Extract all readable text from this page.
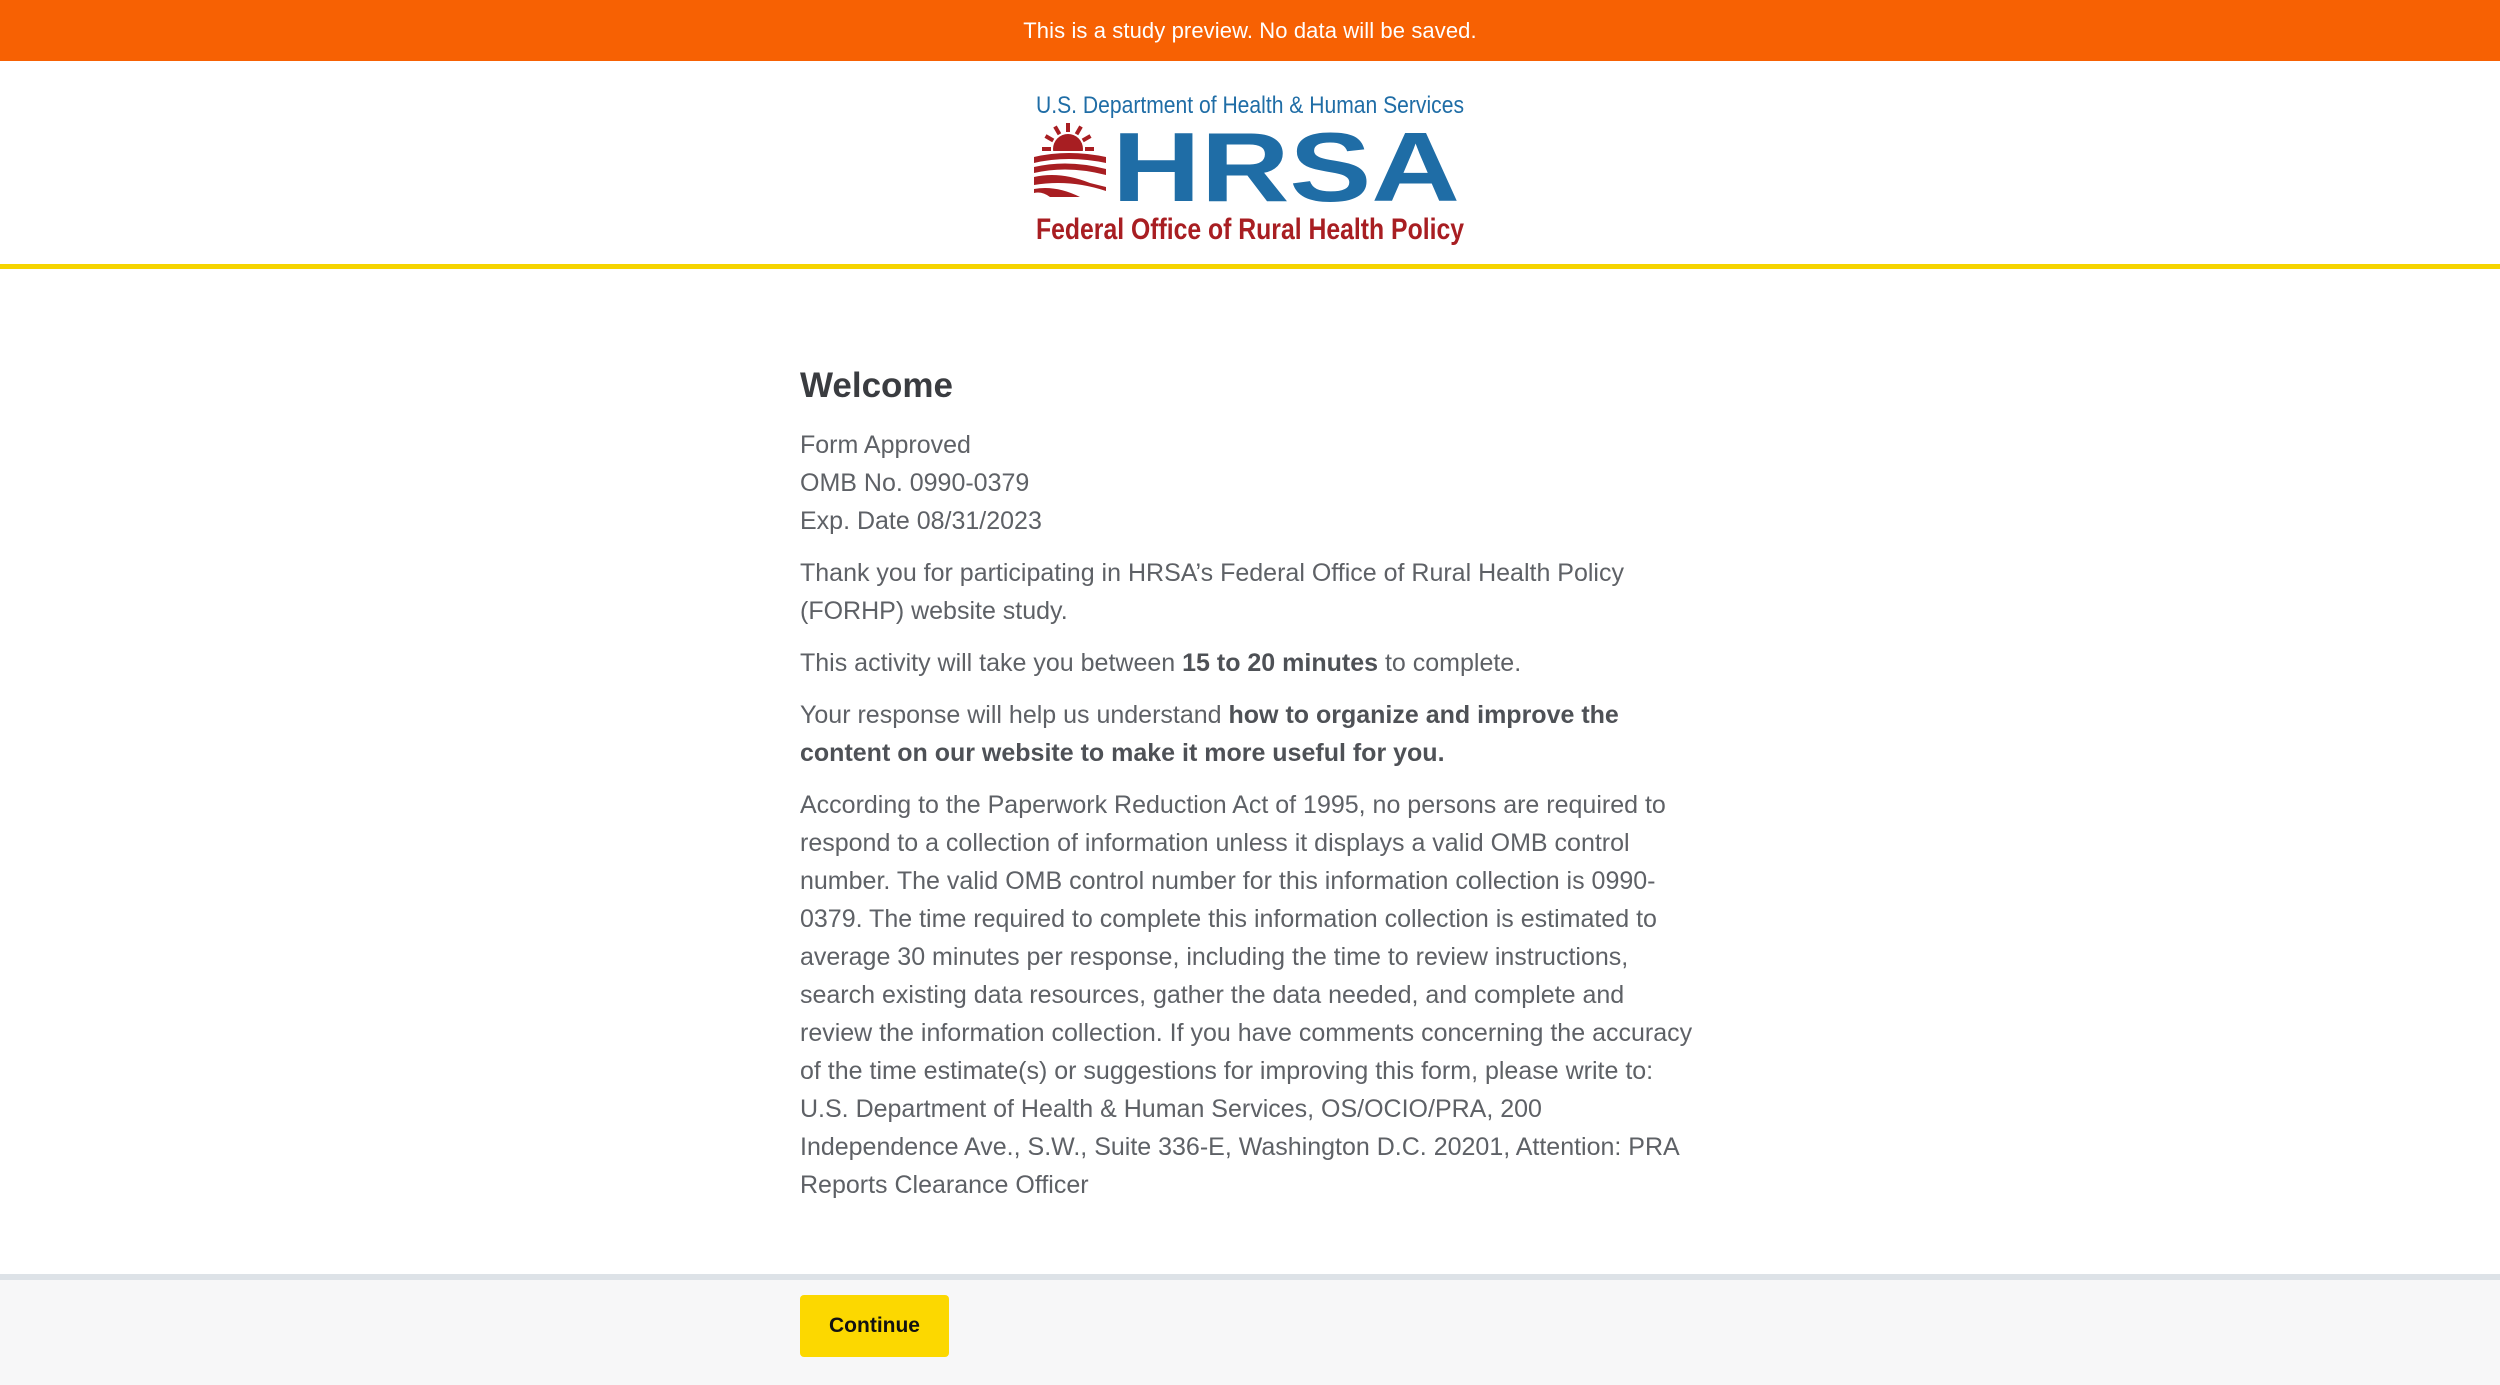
This is a study preview. No data will be saved.
U.S. Department of Health & Human Services
HRSA
Federal Office of Rural Health Policy
Welcome
Form Approved
OMB No. 0990-0379
Exp. Date 08/31/2023
Thank you for participating in HRSA’s Federal Office of Rural Health Policy (FORHP) website study.
This activity will take you between 15 to 20 minutes to complete.
Your response will help us understand how to organize and improve the content on our website to make it more useful for you.
According to the Paperwork Reduction Act of 1995, no persons are required to respond to a collection of information unless it displays a valid OMB control number. The valid OMB control number for this information collection is 0990-0379. The time required to complete this information collection is estimated to average 30 minutes per response, including the time to review instructions, search existing data resources, gather the data needed, and complete and review the information collection. If you have comments concerning the accuracy of the time estimate(s) or suggestions for improving this form, please write to: U.S. Department of Health & Human Services, OS/OCIO/PRA, 200 Independence Ave., S.W., Suite 336-E, Washington D.C. 20201, Attention: PRA Reports Clearance Officer
Continue
